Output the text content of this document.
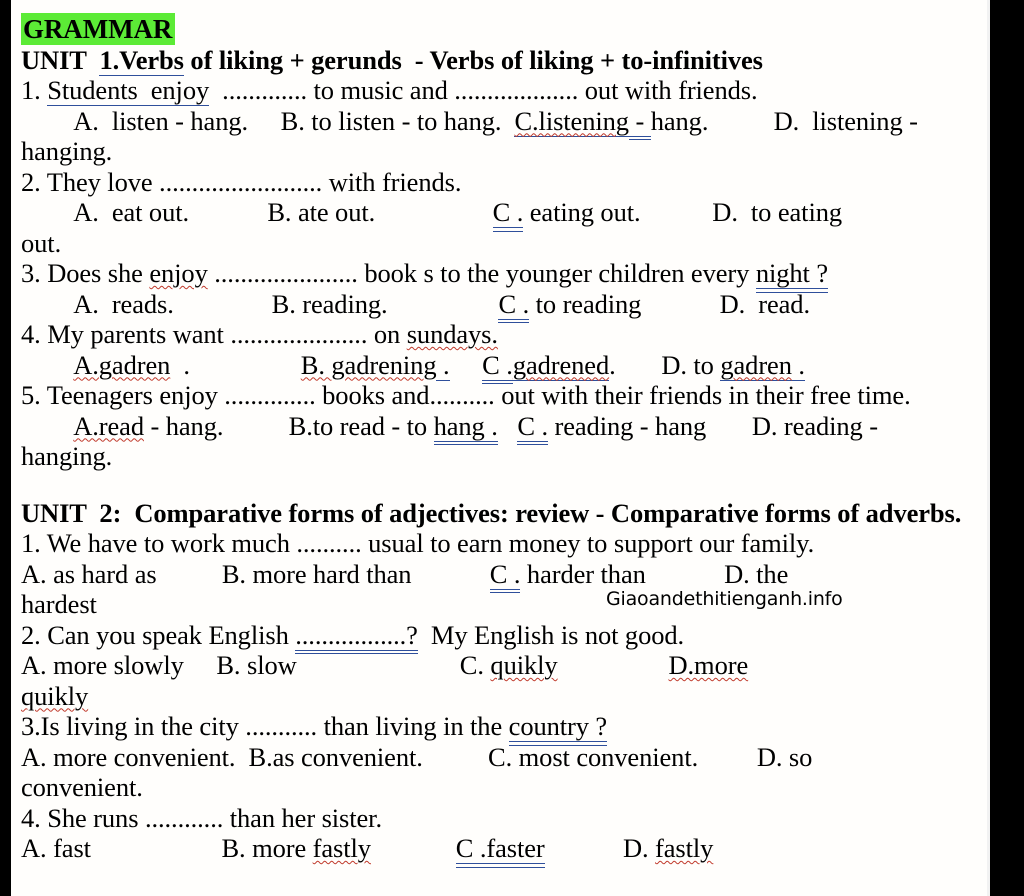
GRAMMAR
UNIT  1.Verbs of liking + gerunds  - Verbs of liking + to-infinitives
1. Students  enjoy  ............. to music and ................... out with friends.
A.  listen - hang.     B. to listen - to hang.  C.listening - hang.          D.  listening -
hanging.
2. They love ......................... with friends.
A.  eat out.            B. ate out.                  C . eating out.           D.  to eating
out.
3. Does she enjoy ...................... book s to the younger children every night ?
A.  reads.               B. reading.                 C . to reading            D.  read.
4. My parents want ..................... on sundays.
A.gadren  .                 B. gadrening . C .gadrened.       D. to gadren .
5. Teenagers enjoy .............. books and.......... out with their friends in their free time.
A.read - hang.          B.to read - to hang . C . reading - hang       D. reading -
hanging.
UNIT  2:  Comparative forms of adjectives: review - Comparative forms of adverbs.
1. We have to work much .......... usual to earn money to support our family.
A. as hard as          B. more hard than            C . harder than            D. the
hardest	Giaoandethitienganh.info
2. Can you speak English .................?  My English is not good.
A. more slowly     B. slow                         C. quikly	D.more
quikly
3.Is living in the city ........... than living in the country ?
A. more convenient.  B.as convenient.          C. most convenient.         D. so
convenient.
4. She runs ............ than her sister.
A. fast                    B. more fastly	C .faster            D. fastly
